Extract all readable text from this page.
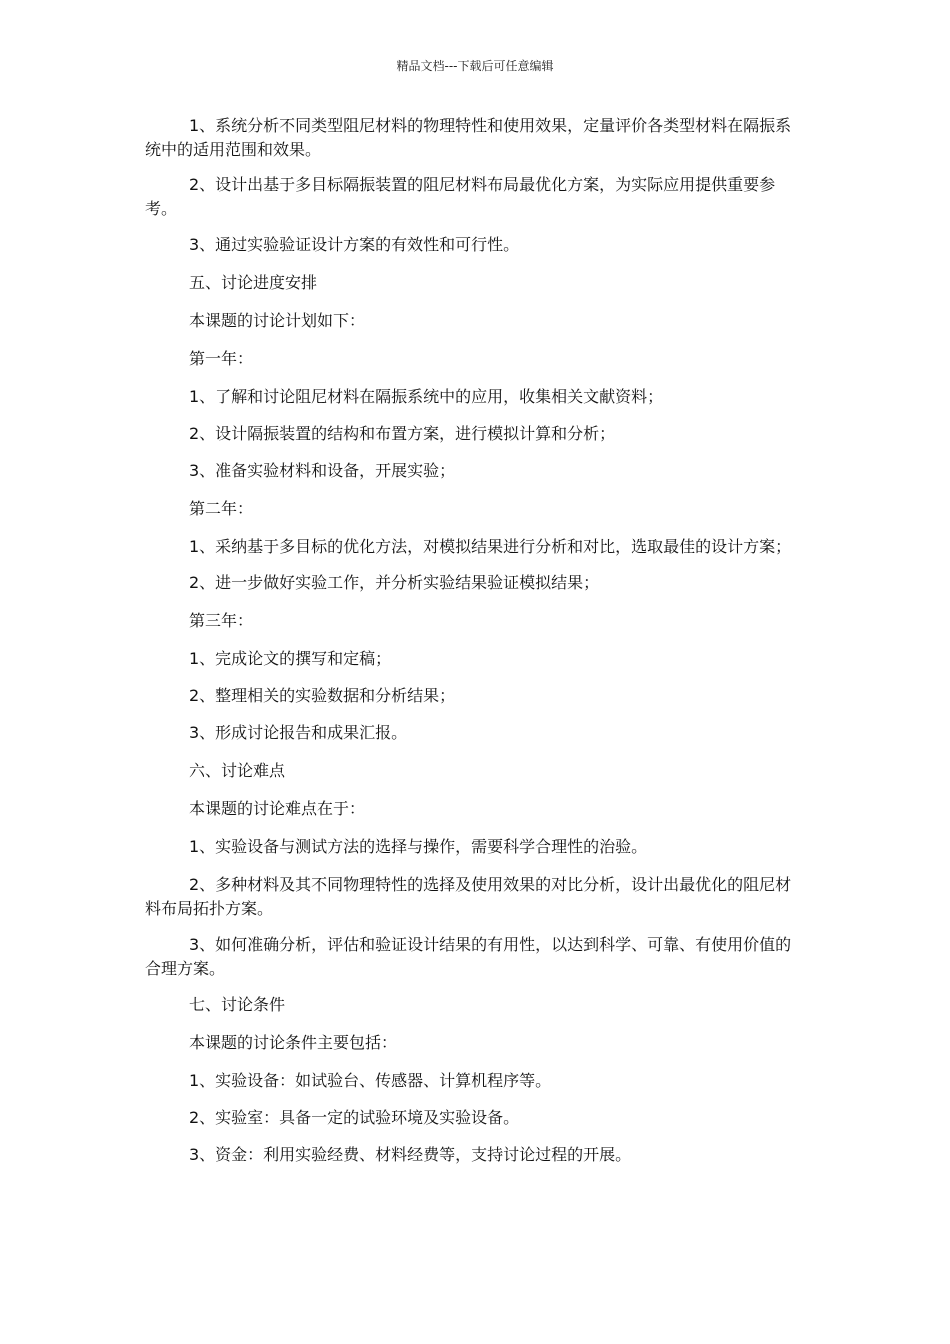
精品文档---下载后可任意编辑

1、系统分析不同类型阻尼材料的物理特性和使用效果，定量评价各类型材料在隔振系统中的适用范围和效果。

2、设计出基于多目标隔振装置的阻尼材料布局最优化方案，为实际应用提供重要参考。

3、通过实验验证设计方案的有效性和可行性。

五、讨论进度安排

本课题的讨论计划如下：

第一年：

1、了解和讨论阻尼材料在隔振系统中的应用，收集相关文献资料；

2、设计隔振装置的结构和布置方案，进行模拟计算和分析；

3、准备实验材料和设备，开展实验；

第二年：

1、采纳基于多目标的优化方法，对模拟结果进行分析和对比，选取最佳的设计方案；

2、进一步做好实验工作，并分析实验结果验证模拟结果；

第三年：

1、完成论文的撰写和定稿；

2、整理相关的实验数据和分析结果；

3、形成讨论报告和成果汇报。

六、讨论难点

本课题的讨论难点在于：

1、实验设备与测试方法的选择与操作，需要科学合理性的治验。

2、多种材料及其不同物理特性的选择及使用效果的对比分析，设计出最优化的阻尼材料布局拓扑方案。

3、如何准确分析，评估和验证设计结果的有用性，以达到科学、可靠、有使用价值的合理方案。

七、讨论条件

本课题的讨论条件主要包括：

1、实验设备：如试验台、传感器、计算机程序等。

2、实验室：具备一定的试验环境及实验设备。

3、资金：利用实验经费、材料经费等，支持讨论过程的开展。
